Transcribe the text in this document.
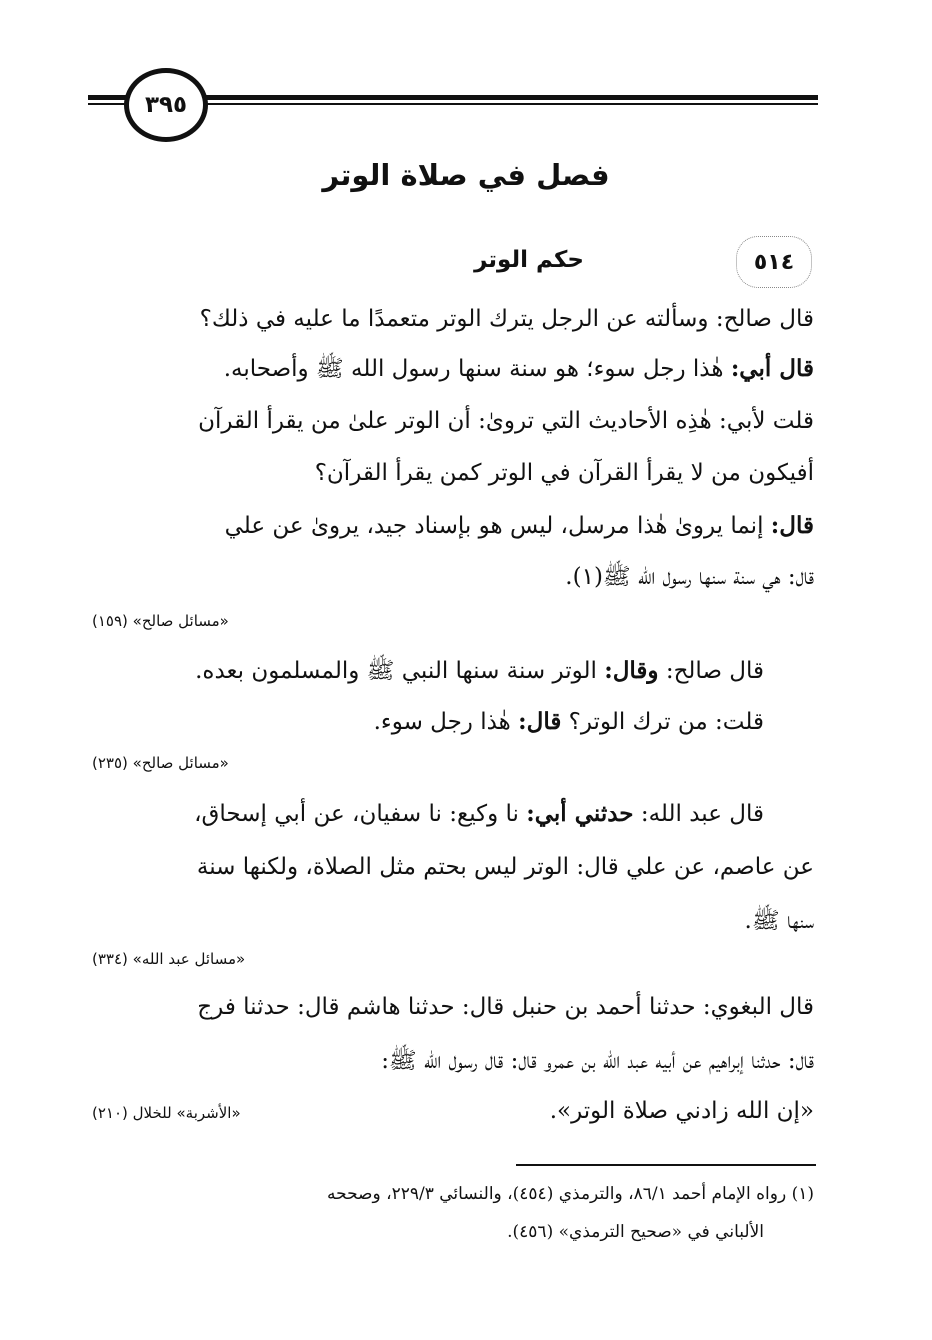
٣٩٥
فصل في صلاة الوتر
٥١٤
حكم الوتر
قال صالح: وسألته عن الرجل يترك الوتر متعمدًا ما عليه في ذلك؟
قال أبي: هٰذا رجل سوء؛ هو سنة سنها رسول الله ﷺ وأصحابه.
قلت لأبي: هٰذِه الأحاديث التي تروىٰ: أن الوتر علىٰ من يقرأ القرآن
أفيكون من لا يقرأ القرآن في الوتر كمن يقرأ القرآن؟
قال: إنما يروىٰ هٰذا مرسل، ليس هو بإسناد جيد، يروىٰ عن علي
قال: هي سنة سنها رسول الله ﷺ(١).
«مسائل صالح» (١٥٩)
قال صالح: وقال: الوتر سنة سنها النبي ﷺ والمسلمون بعده.
قلت: من ترك الوتر؟ قال: هٰذا رجل سوء.
«مسائل صالح» (٢٣٥)
قال عبد الله: حدثني أبي: نا وكيع: نا سفيان، عن أبي إسحاق،
عن عاصم، عن علي قال: الوتر ليس بحتم مثل الصلاة، ولكنها سنة
سنها ﷺ.
«مسائل عبد الله» (٣٣٤)
قال البغوي: حدثنا أحمد بن حنبل قال: حدثنا هاشم قال: حدثنا فرج
قال: حدثنا إبراهيم عن أبيه عبد الله بن عمرو قال: قال رسول الله ﷺ:
«إن الله زادني صلاة الوتر».
«الأشربة» للخلال (٢١٠)
(١) رواه الإمام أحمد ٨٦/١، والترمذي (٤٥٤)، والنسائي ٢٢٩/٣، وصححه
الألباني في «صحيح الترمذي» (٤٥٦).
